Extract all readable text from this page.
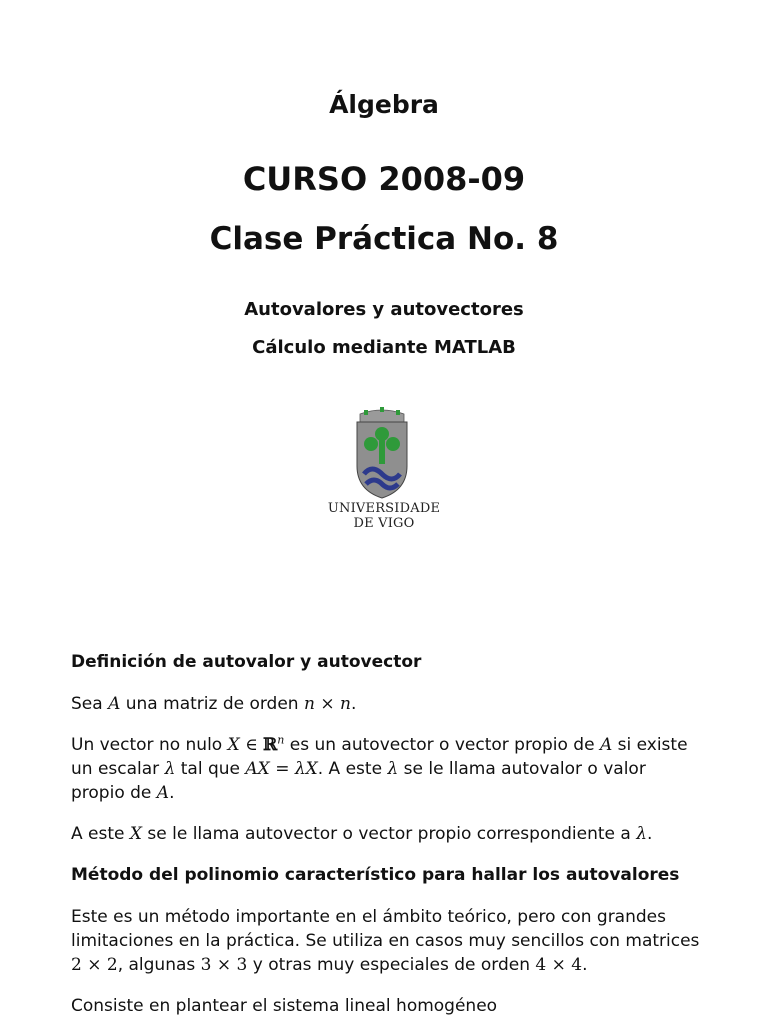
Álgebra
CURSO 2008-09
Clase Práctica No. 8
Autovalores y autovectores
Cálculo mediante MATLAB
UNIVERSIDADE
DE VIGO
Definición de autovalor y autovector
Sea A una matriz de orden n × n.
Un vector no nulo X ∈ ℝ$^n$ es un autovector o vector propio de A si existe
un escalar λ tal que AX = λX. A este λ se le llama autovalor o valor
propio de A.
A este X se le llama autovector o vector propio correspondiente a λ.
Método del polinomio característico para hallar los autovalores
Este es un método importante en el ámbito teórico, pero con grandes
limitaciones en la práctica. Se utiliza en casos muy sencillos con matrices
2 × 2, algunas 3 × 3 y otras muy especiales de orden 4 × 4.
Consiste en plantear el sistema lineal homogéneo
